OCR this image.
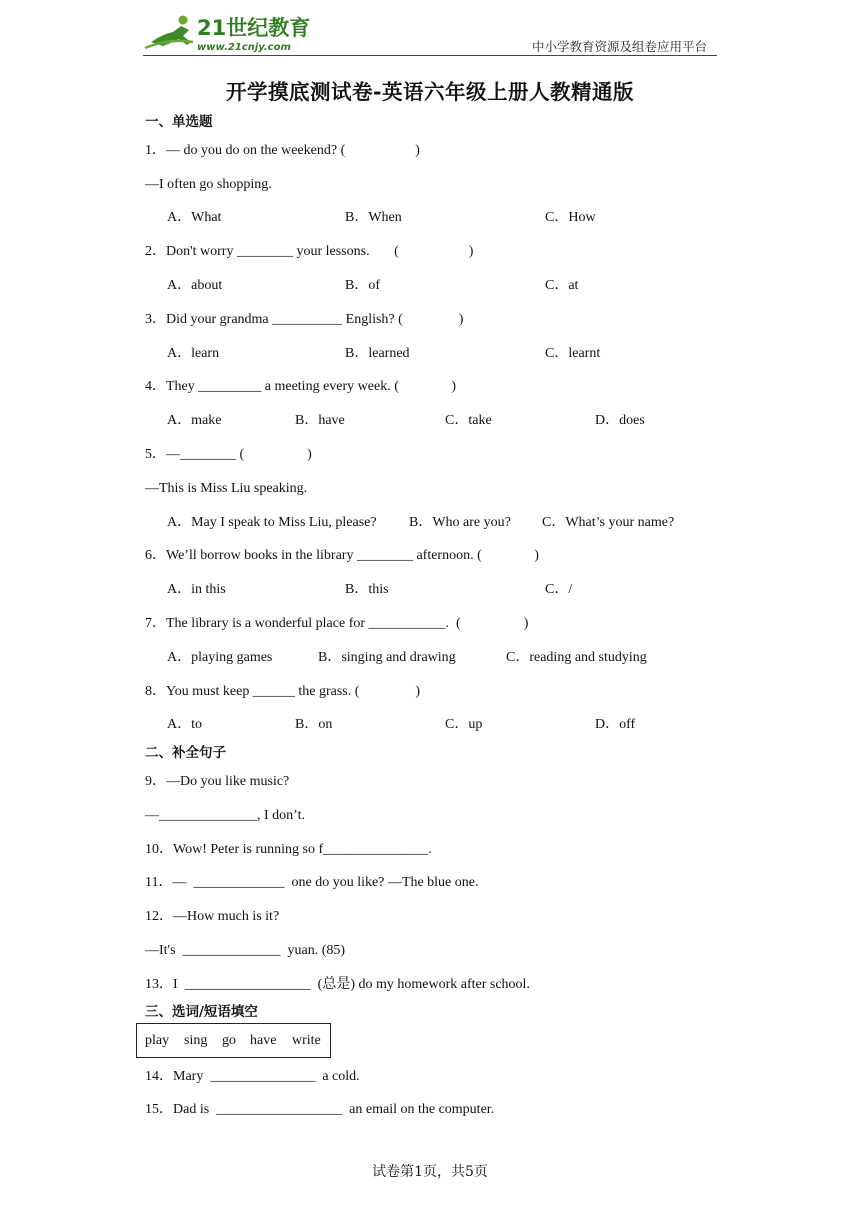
21世纪教育
www.21cnjy.com	中小学教育资源及组卷应用平台
开学摸底测试卷-英语六年级上册人教精通版
一、单选题
1．— do you do on the weekend? (                    )
—I often go shopping.
A．What	B．When	C．How
2．Don't worry ________ your lessons.       (                    )
A．about	B．of	C．at
3．Did your grandma __________ English? (                )
A．learn	B．learned	C．learnt
4．They _________ a meeting every week. (               )
A．make	B．have	C．take	D．does
5．—________ (                  )
—This is Miss Liu speaking.
A．May I speak to Miss Liu, please? B．Who are you? C．What’s your name?
6．We’ll borrow books in the library ________ afternoon. (               )
A．in this	B．this	C．/
7．The library is a wonderful place for ___________.  (                  )
A．playing games	B．singing and drawing	C．reading and studying
8．You must keep ______ the grass. (                )
A．to	B．on	C．up	D．off
二、补全句子
9．—Do you like music?
—______________, I don’t.
10．Wow! Peter is running so f_______________.
11．—  _____________  one do you like? —The blue one.
12．—How much is it?
—It's  ______________  yuan. (85)
13．I  __________________  (总是) do my homework after school.
三、选词/短语填空
play sing go have write
14．Mary  _______________  a cold.
15．Dad is  __________________  an email on the computer.
试卷第1页，共5页
